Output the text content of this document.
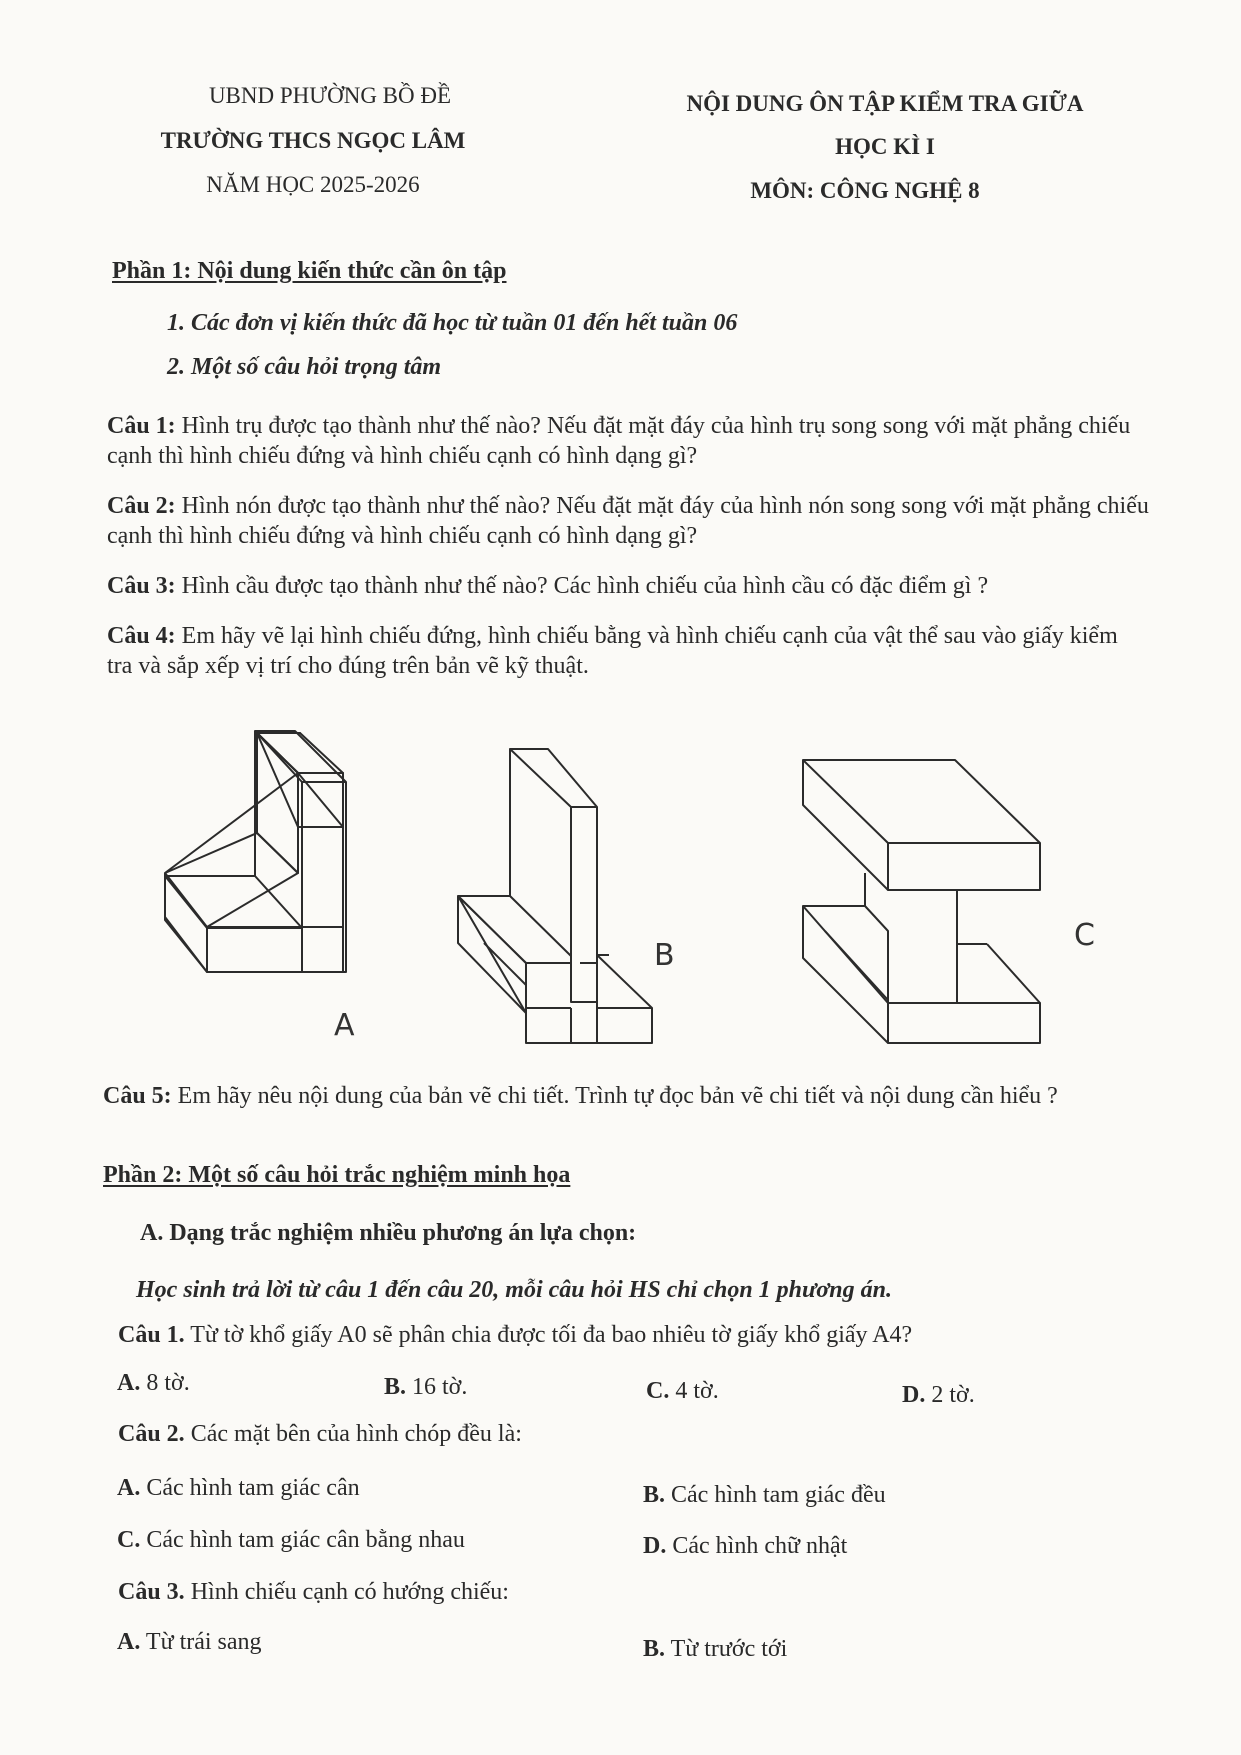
UBND PHƯỜNG BỒ ĐỀ
TRƯỜNG THCS NGỌC LÂM
NĂM HỌC 2025-2026
NỘI DUNG ÔN TẬP KIỂM TRA GIỮA
HỌC KÌ I
MÔN: CÔNG NGHỆ 8
Phần 1: Nội dung kiến thức cần ôn tập
1. Các đơn vị kiến thức đã học từ tuần 01 đến hết tuần 06
2. Một số câu hỏi trọng tâm
Câu 1: Hình trụ được tạo thành như thế nào? Nếu đặt mặt đáy của hình trụ song song với mặt phẳng chiếu cạnh thì hình chiếu đứng và hình chiếu cạnh có hình dạng gì?
Câu 2: Hình nón được tạo thành như thế nào? Nếu đặt mặt đáy của hình nón song song với mặt phẳng chiếu cạnh thì hình chiếu đứng và hình chiếu cạnh có hình dạng gì?
Câu 3: Hình cầu được tạo thành như thế nào? Các hình chiếu của hình cầu có đặc điểm gì ?
Câu 4: Em hãy vẽ lại hình chiếu đứng, hình chiếu bằng và hình chiếu cạnh của vật thể sau vào giấy kiểm tra và sắp xếp vị trí cho đúng trên bản vẽ kỹ thuật.
A
B
C
Câu 5: Em hãy nêu nội dung của bản vẽ chi tiết. Trình tự đọc bản vẽ chi tiết và nội dung cần hiểu ?
Phần 2: Một số câu hỏi trắc nghiệm minh họa
A. Dạng trắc nghiệm nhiều phương án lựa chọn:
Học sinh trả lời từ câu 1 đến câu 20, mỗi câu hỏi HS chỉ chọn 1 phương án.
Câu 1. Từ tờ khổ giấy A0 sẽ phân chia được tối đa bao nhiêu tờ giấy khổ giấy A4?
A. 8 tờ.	B. 16 tờ.	C. 4 tờ.	D. 2 tờ.
Câu 2. Các mặt bên của hình chóp đều là:
A. Các hình tam giác cân	B. Các hình tam giác đều
C. Các hình tam giác cân bằng nhau	D. Các hình chữ nhật
Câu 3. Hình chiếu cạnh có hướng chiếu:
A. Từ trái sang	B. Từ trước tới
